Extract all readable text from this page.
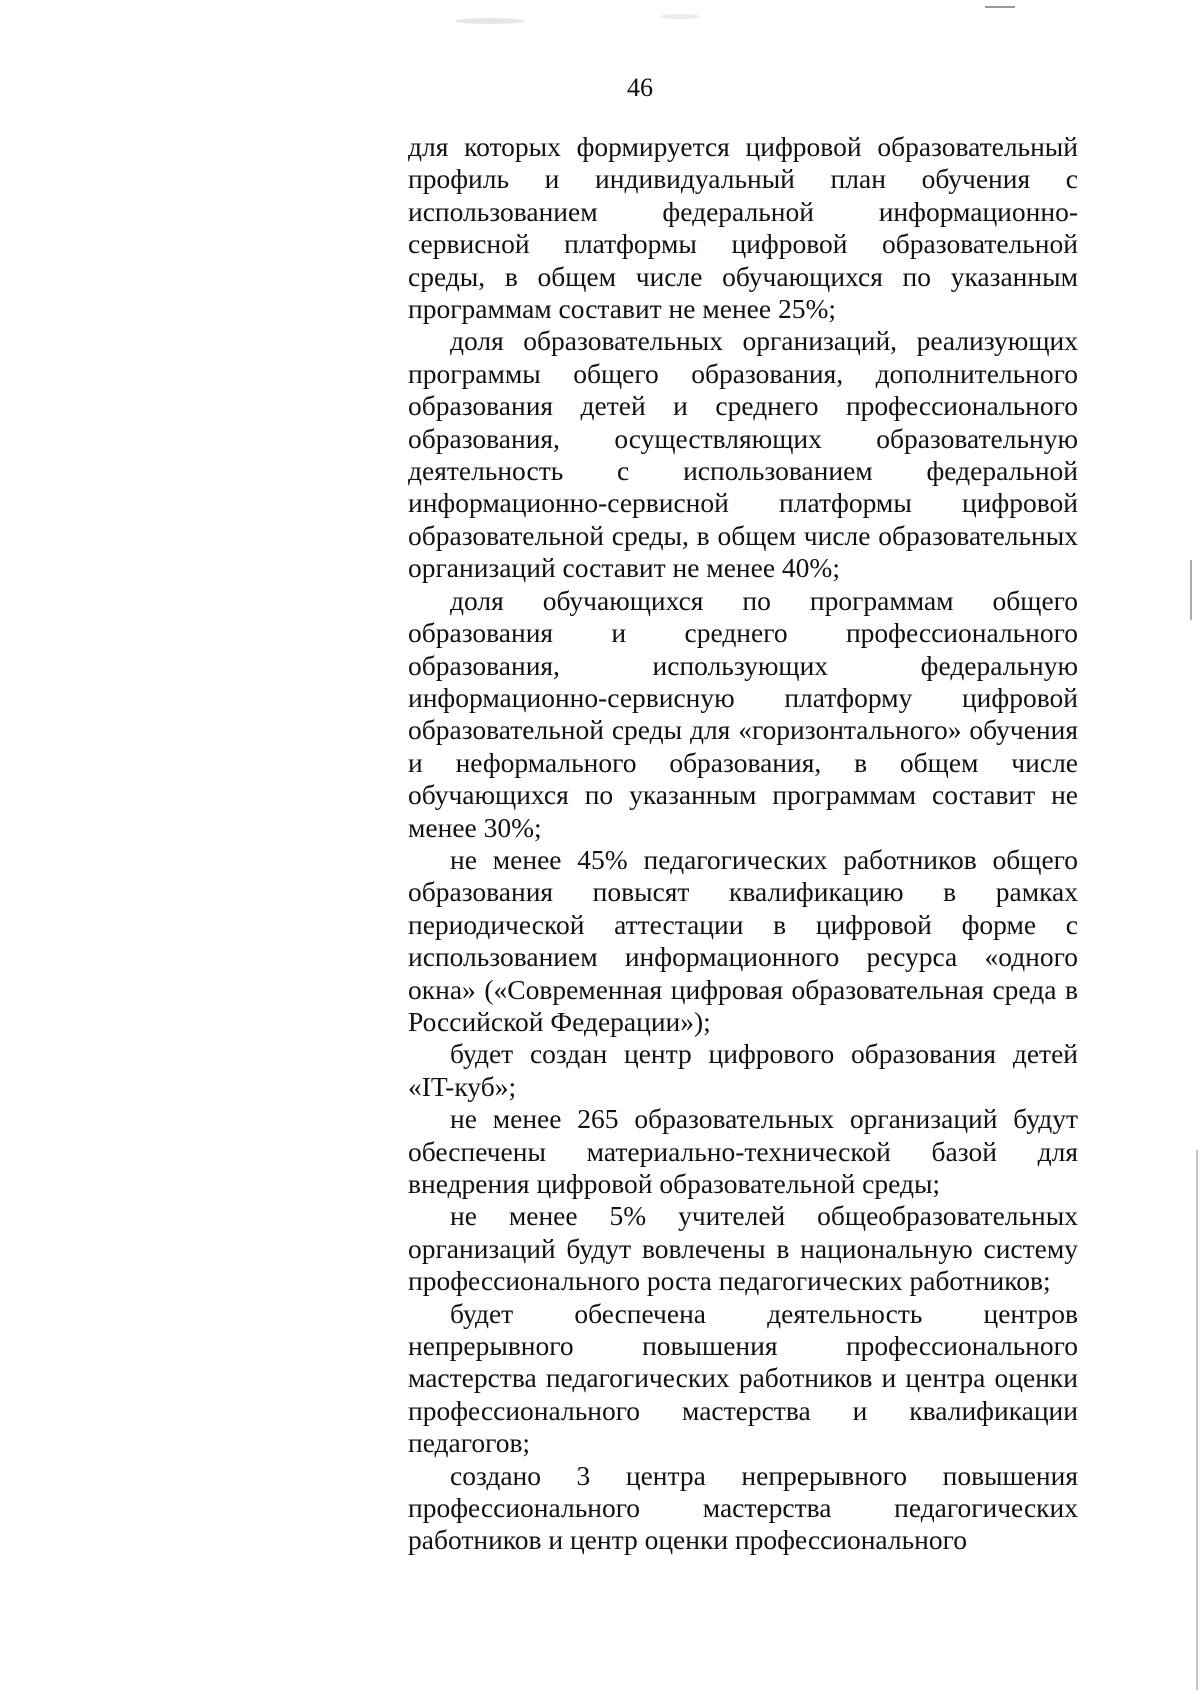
46

для которых формируется цифровой образовательный профиль и индивидуальный план обучения с использованием федеральной информационно-сервисной платформы цифровой образовательной среды, в общем числе обучающихся по указанным программам составит не менее 25%;

доля образовательных организаций, реализующих программы общего образования, дополнительного образования детей и среднего профессионального образования, осуществляющих образовательную деятельность с использованием федеральной информационно-сервисной платформы цифровой образовательной среды, в общем числе образовательных организаций составит не менее 40%;

доля обучающихся по программам общего образования и среднего профессионального образования, использующих федеральную информационно-сервисную платформу цифровой образовательной среды для «горизонтального» обучения и неформального образования, в общем числе обучающихся по указанным программам составит не менее 30%;

не менее 45% педагогических работников общего образования повысят квалификацию в рамках периодической аттестации в цифровой форме с использованием информационного ресурса «одного окна» («Современная цифровая образовательная среда в Российской Федерации»);

будет создан центр цифрового образования детей «IT-куб»;

не менее 265 образовательных организаций будут обеспечены материально-технической базой для внедрения цифровой образовательной среды;

не менее 5% учителей общеобразовательных организаций будут вовлечены в национальную систему профессионального роста педагогических работников;

будет обеспечена деятельность центров непрерывного повышения профессионального мастерства педагогических работников и центра оценки профессионального мастерства и квалификации педагогов;

создано 3 центра непрерывного повышения профессионального мастерства педагогических работников и центр оценки профессионального
